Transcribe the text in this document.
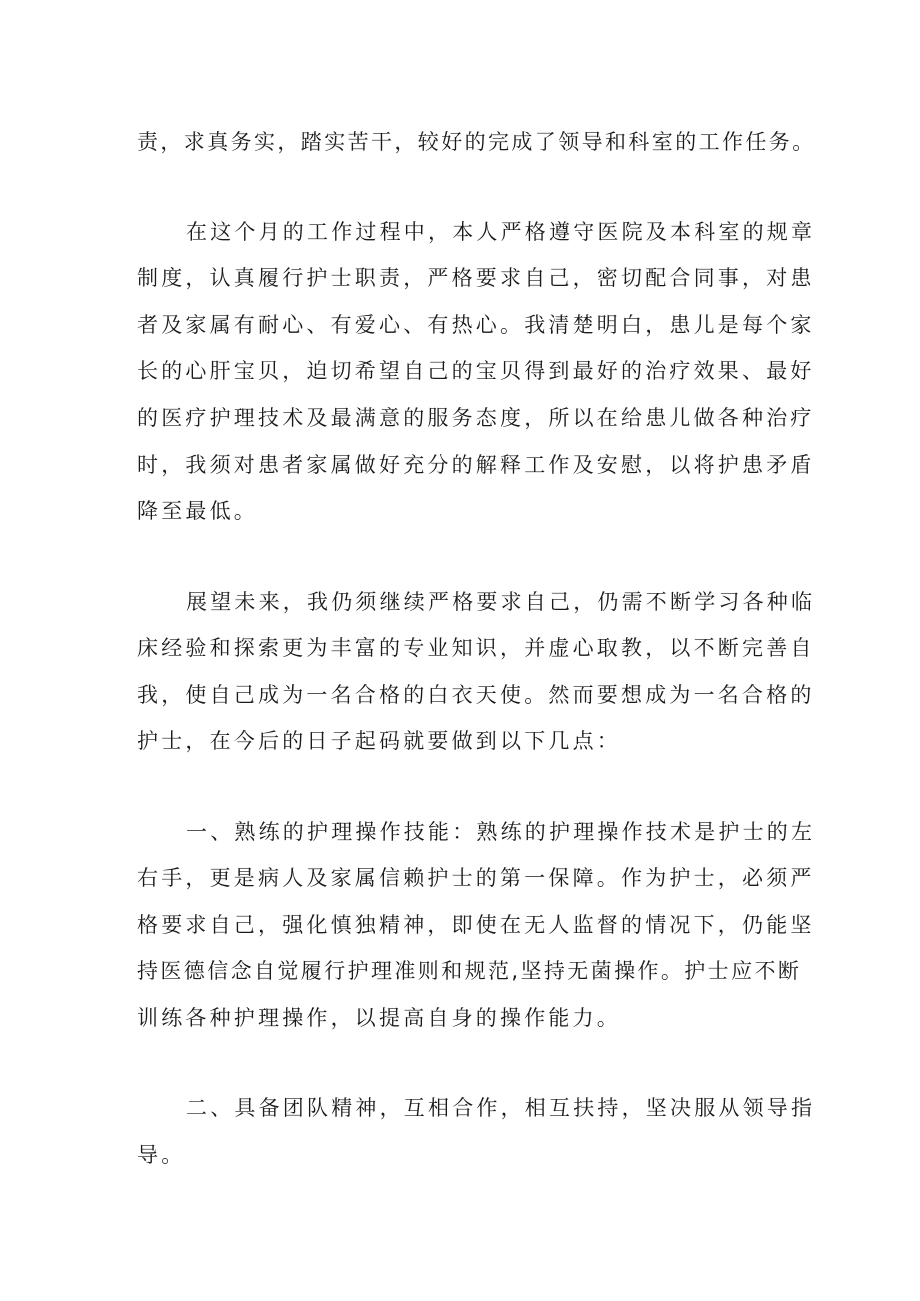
责，求真务实，踏实苦干，较好的完成了领导和科室的工作任务。
在这个月的工作过程中，本人严格遵守医院及本科室的规章
制度，认真履行护士职责，严格要求自己，密切配合同事，对患
者及家属有耐心、有爱心、有热心。我清楚明白，患儿是每个家
长的心肝宝贝，迫切希望自己的宝贝得到最好的治疗效果、最好
的医疗护理技术及最满意的服务态度，所以在给患儿做各种治疗
时，我须对患者家属做好充分的解释工作及安慰，以将护患矛盾
降至最低。
展望未来，我仍须继续严格要求自己，仍需不断学习各种临
床经验和探索更为丰富的专业知识，并虚心取教，以不断完善自
我，使自己成为一名合格的白衣天使。然而要想成为一名合格的
护士，在今后的日子起码就要做到以下几点：
一、熟练的护理操作技能：熟练的护理操作技术是护士的左
右手，更是病人及家属信赖护士的第一保障。作为护士，必须严
格要求自己，强化慎独精神，即使在无人监督的情况下，仍能坚
持医德信念自觉履行护理准则和规范,坚持无菌操作。护士应不断
训练各种护理操作，以提高自身的操作能力。
二、具备团队精神，互相合作，相互扶持，坚决服从领导指
导。
